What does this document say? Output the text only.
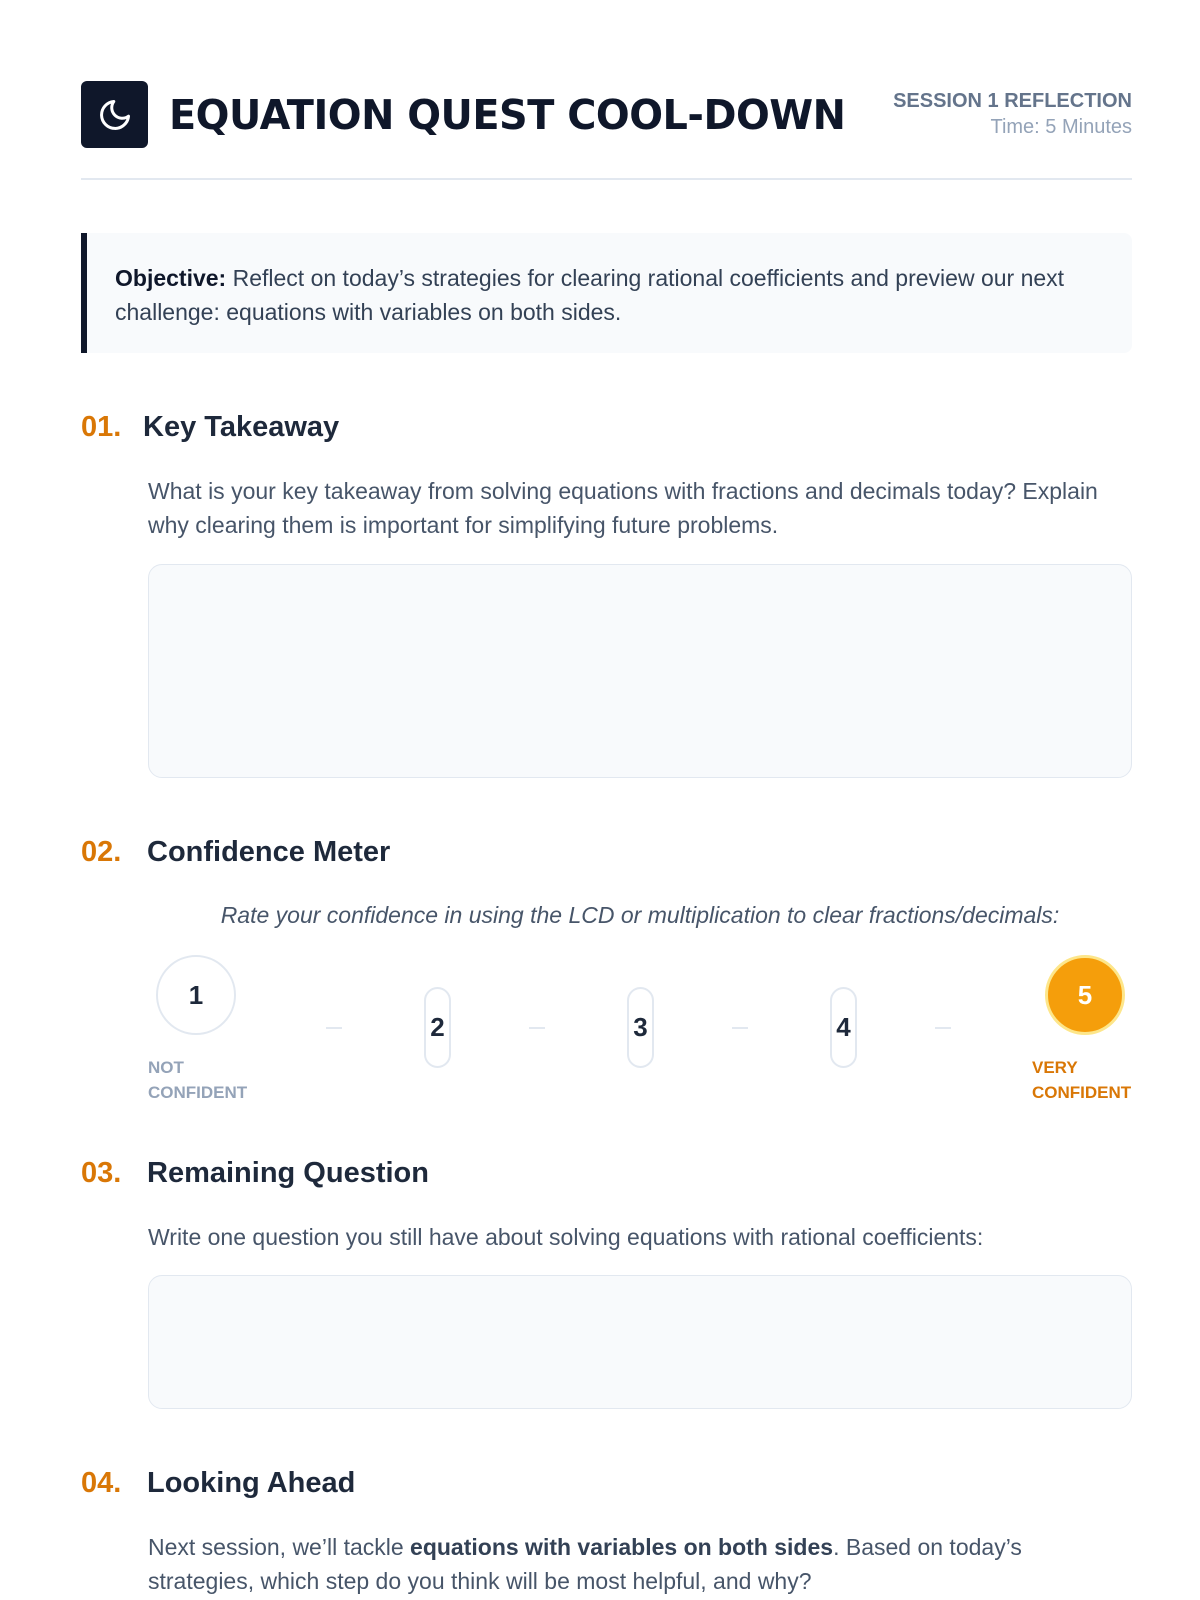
EQUATION QUEST COOL-DOWN SESSION 1 REFLECTION
Time: 5 Minutes
Objective: Reflect on today’s strategies for clearing rational coefficients and preview our next challenge: equations with variables on both sides.
01. Key Takeaway
What is your key takeaway from solving equations with fractions and decimals today? Explain why clearing them is important for simplifying future problems.
02. Confidence Meter
Rate your confidence in using the LCD or multiplication to clear fractions/decimals:
1
2	3	4
5
NOT CONFIDENT
VERY CONFIDENT
03. Remaining Question
Write one question you still have about solving equations with rational coefficients:
04. Looking Ahead
Next session, we’ll tackle equations with variables on both sides. Based on today’s strategies, which step do you think will be most helpful, and why?
